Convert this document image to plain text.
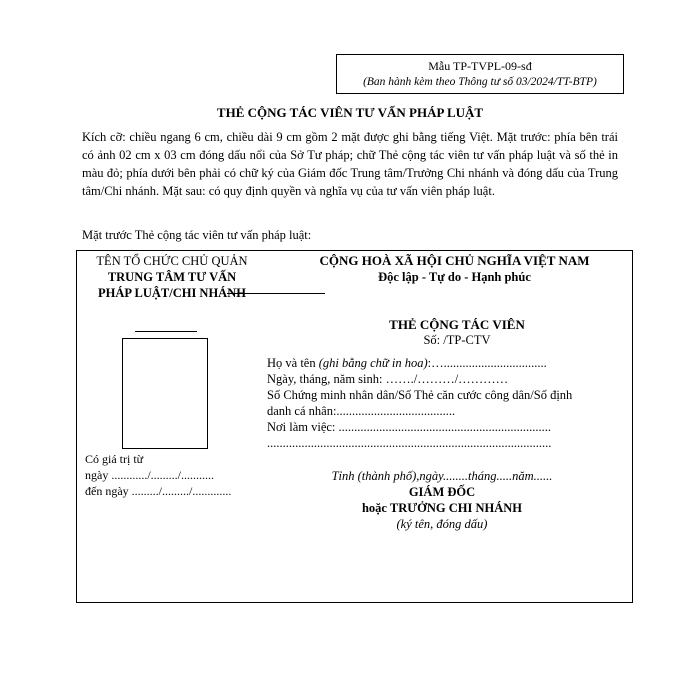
Mẫu TP-TVPL-09-sđ
(Ban hành kèm theo Thông tư số 03/2024/TT-BTP)
THẺ CỘNG TÁC VIÊN TƯ VẤN PHÁP LUẬT

Kích cỡ: chiều ngang 6 cm, chiều dài 9 cm gồm 2 mặt được ghi bằng tiếng Việt. Mặt trước: phía bên trái có ảnh 02 cm x 03 cm đóng dấu nổi của Sở Tư pháp; chữ Thẻ cộng tác viên tư vấn pháp luật và số thẻ in màu đỏ; phía dưới bên phải có chữ ký của Giám đốc Trung tâm/Trưởng Chi nhánh và đóng dấu của Trung tâm/Chi nhánh. Mặt sau: có quy định quyền và nghĩa vụ của tư vấn viên pháp luật.

Mặt trước Thẻ cộng tác viên tư vấn pháp luật:
TÊN TỔ CHỨC CHỦ QUẢN
TRUNG TÂM TƯ VẤN
PHÁP LUẬT/CHI NHÁNH
CỘNG HOÀ XÃ HỘI CHỦ NGHĨA VIỆT NAM
Độc lập - Tự do - Hạnh phúc
Có giá trị từ
ngày ............/........./...........
đến ngày ........./........./.............
THẺ CỘNG TÁC VIÊN
Số: /TP-CTV
Họ và tên (ghi bằng chữ in hoa):….................................
Ngày, tháng, năm sinh: ……./………/…………
Số Chứng minh nhân dân/Số Thẻ căn cước công dân/Số định
danh cá nhân:......................................
Nơi làm việc: ....................................................................
...........................................................................................
Tỉnh (thành phố),ngày........tháng.....năm......
GIÁM ĐỐC
hoặc TRƯỞNG CHI NHÁNH
(ký tên, đóng dấu)
